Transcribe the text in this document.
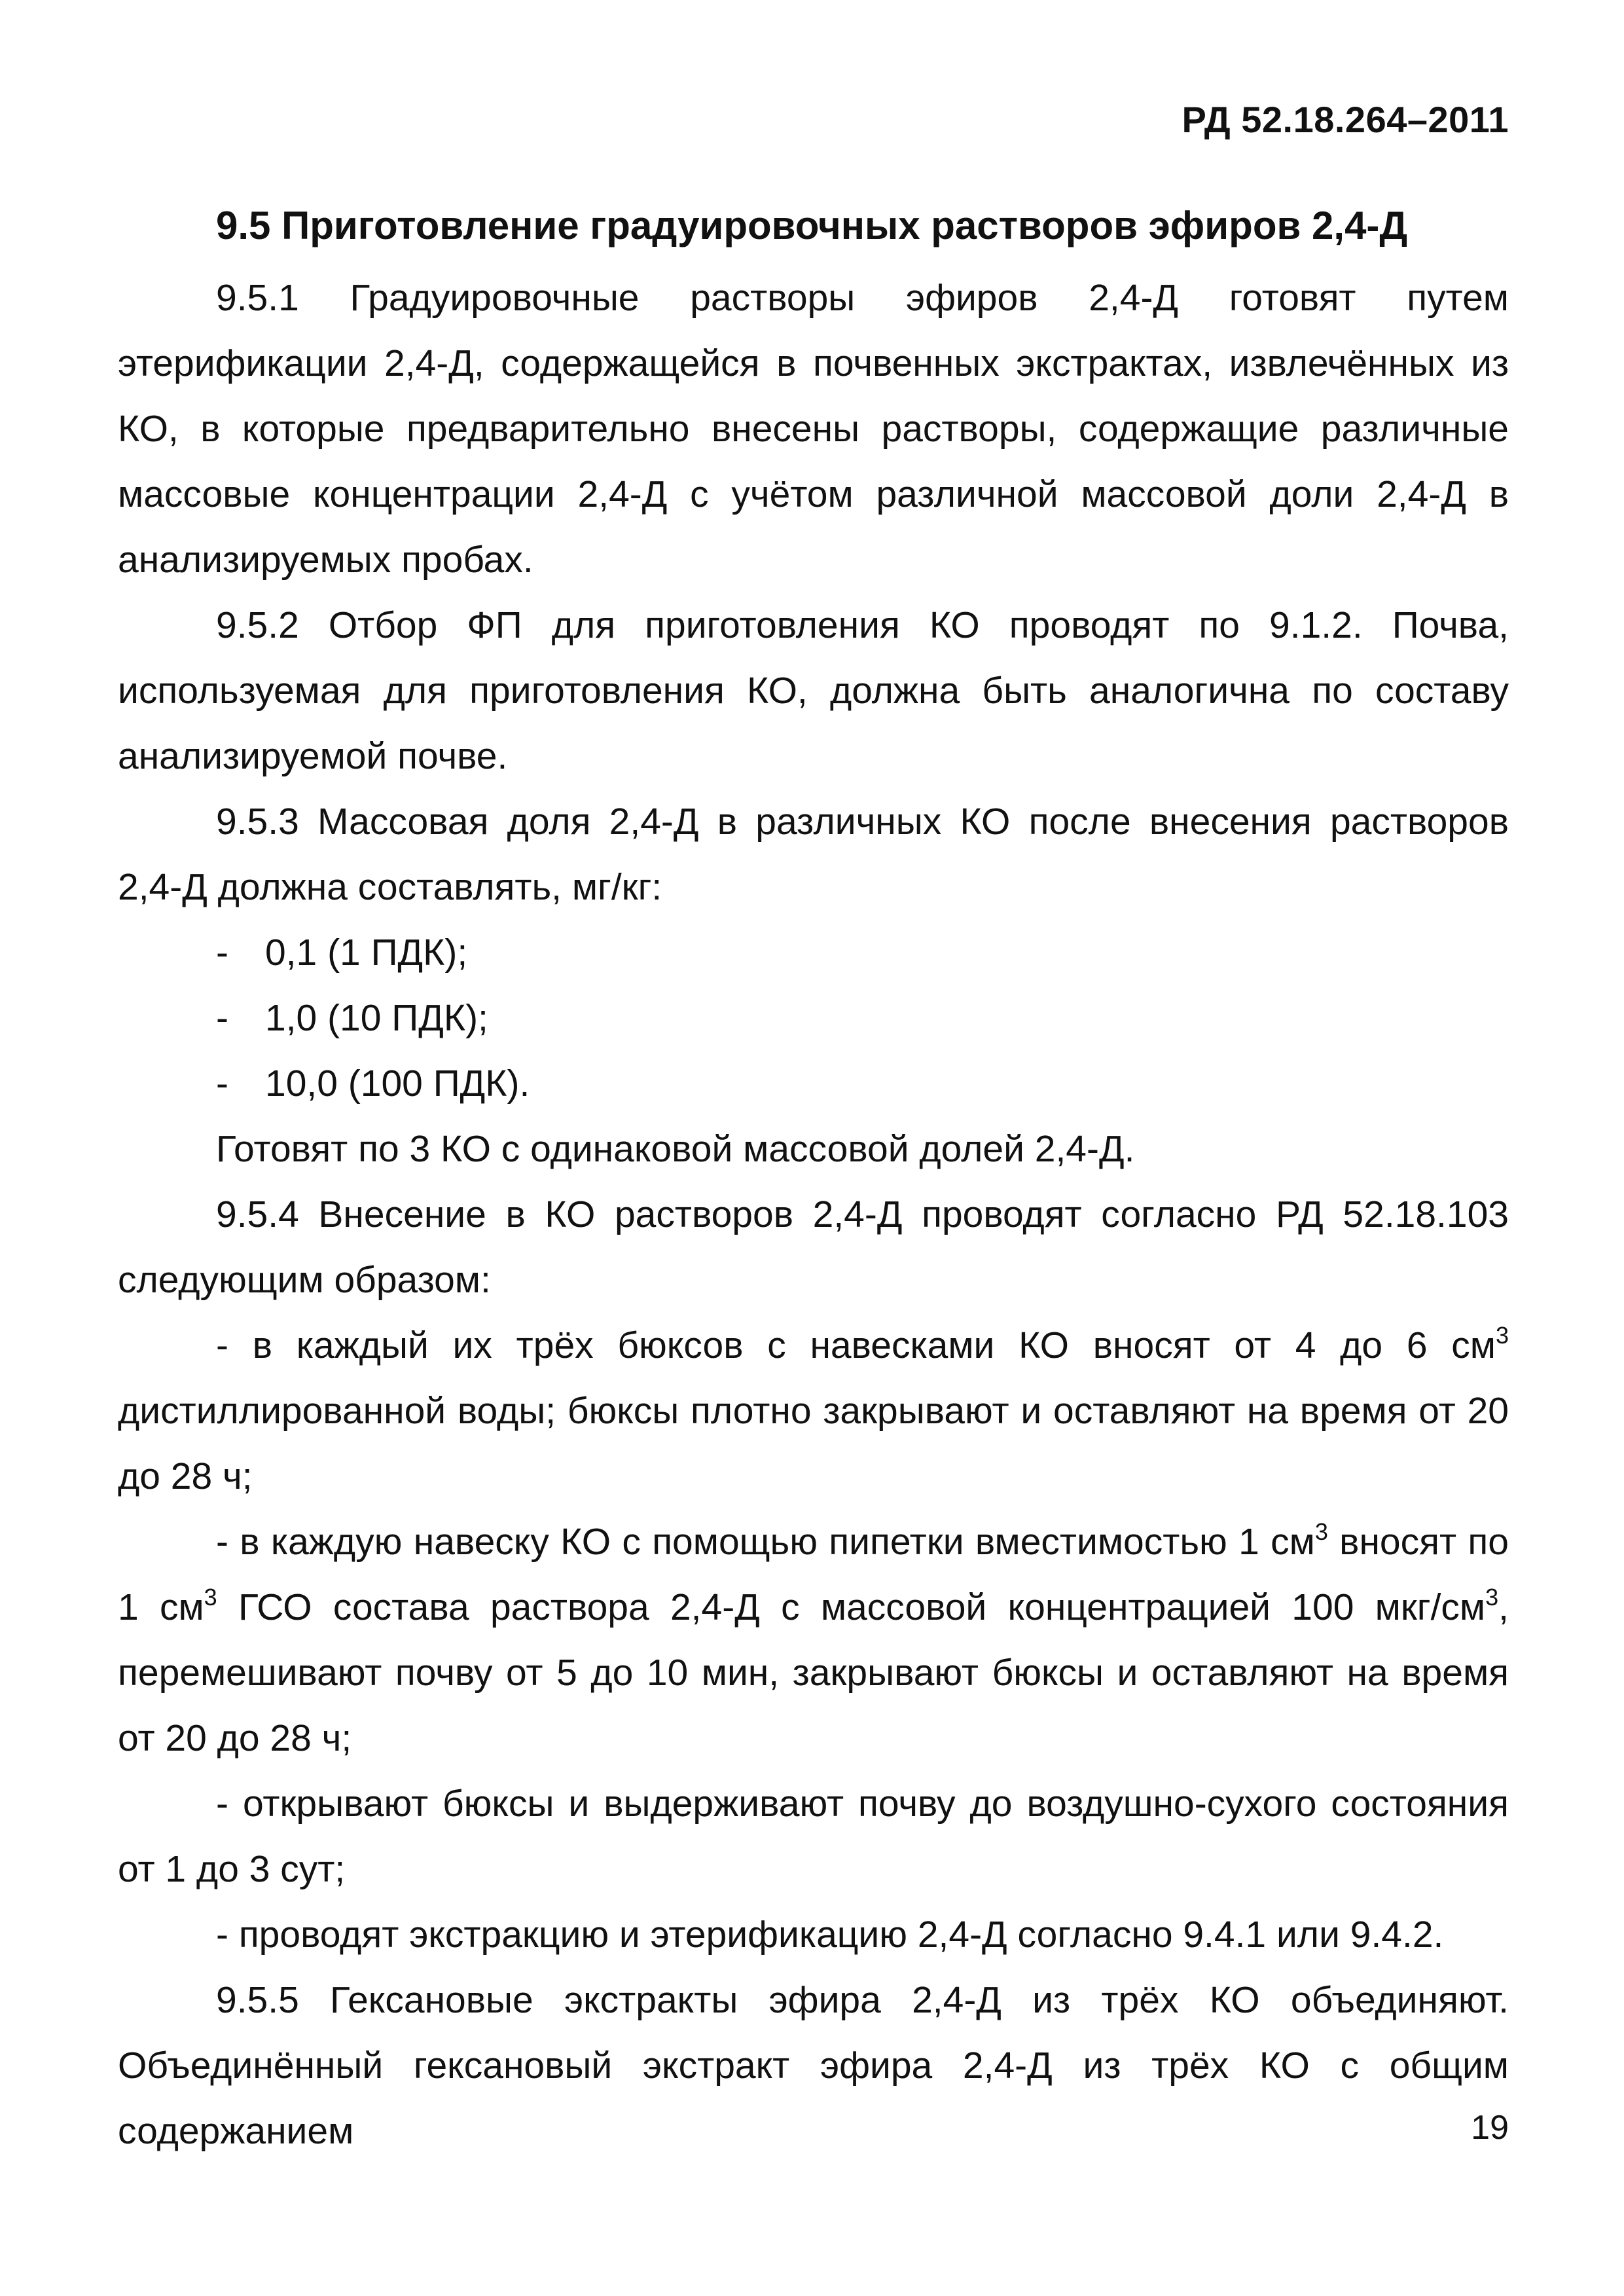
РД 52.18.264–2011
9.5 Приготовление градуировочных растворов эфиров 2,4-Д

9.5.1 Градуировочные растворы эфиров 2,4-Д готовят путем этерификации 2,4-Д, содержащейся в почвенных экстрактах, извлечённых из КО, в которые предварительно внесены растворы, содержащие различные массовые концентрации 2,4-Д с учётом различной массовой доли 2,4-Д в анализируемых пробах.

9.5.2 Отбор ФП для приготовления КО проводят по 9.1.2. Почва, используемая для приготовления КО, должна быть аналогична по составу анализируемой почве.

9.5.3 Массовая доля 2,4-Д в различных КО после внесения растворов 2,4-Д должна составлять, мг/кг:

- 0,1 (1 ПДК);

- 1,0 (10 ПДК);

- 10,0 (100 ПДК).

Готовят по 3 КО с одинаковой массовой долей 2,4-Д.

9.5.4 Внесение в КО растворов 2,4-Д проводят согласно РД 52.18.103 следующим образом:

- в каждый их трёх бюксов с навесками КО вносят от 4 до 6 $см^3$ дистиллированной воды; бюксы плотно закрывают и оставляют на время от 20 до 28 ч;

- в каждую навеску КО с помощью пипетки вместимостью 1 $см^3$ вносят по 1 $см^3$ ГСО состава раствора 2,4-Д с массовой концентрацией 100 мкг/$см^3$, перемешивают почву от 5 до 10 мин, закрывают бюксы и оставляют на время от 20 до 28 ч;

- открывают бюксы и выдерживают почву до воздушно-сухого состояния от 1 до 3 сут;

- проводят экстракцию и этерификацию 2,4-Д согласно 9.4.1 или 9.4.2.

9.5.5 Гексановые экстракты эфира 2,4-Д из трёх КО объединяют. Объединённый гексановый экстракт эфира 2,4-Д из трёх КО с общим содержанием	19
